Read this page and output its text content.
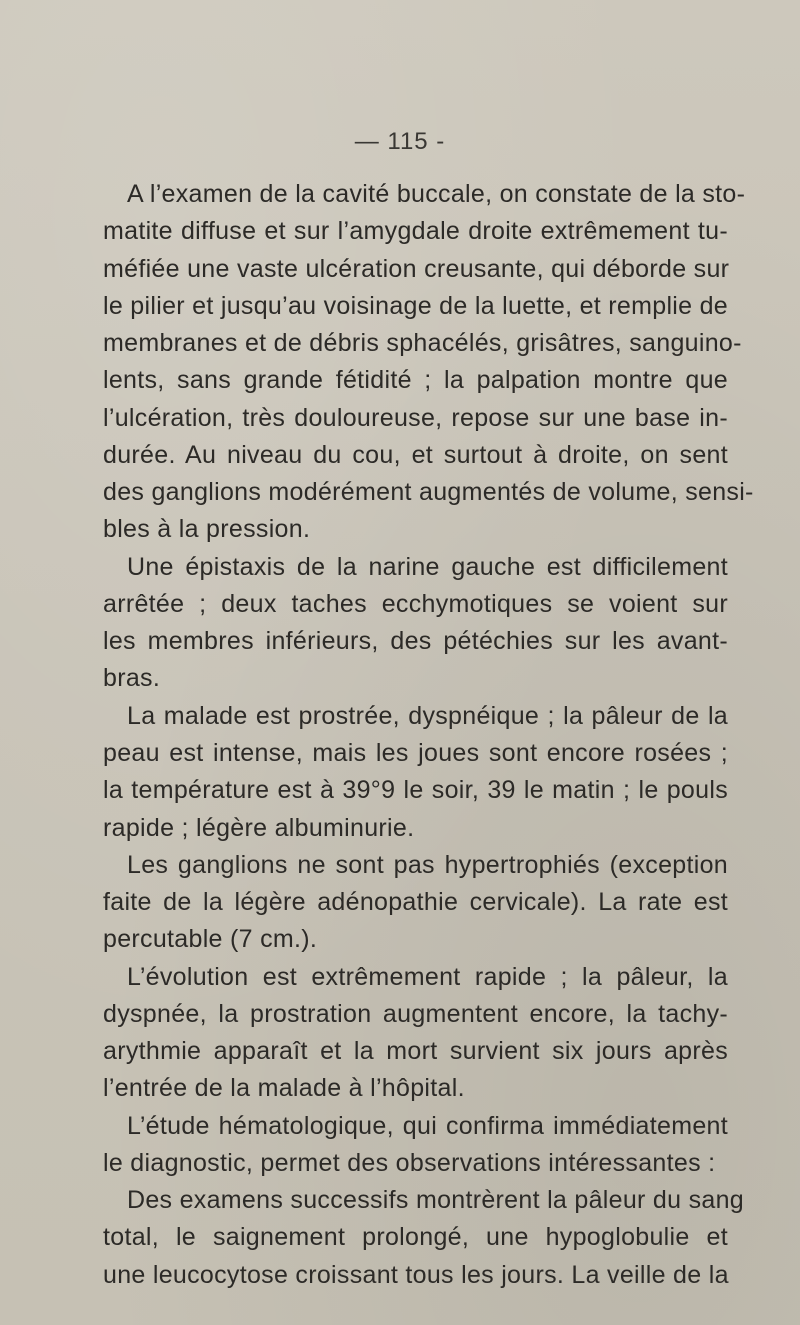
— 115 -
A l’examen de la cavité buccale, on constate de la sto-
matite diffuse et sur l’amygdale droite extrêmement tu-
méfiée une vaste ulcération creusante, qui déborde sur
le pilier et jusqu’au voisinage de la luette, et remplie de
membranes et de débris sphacélés, grisâtres, sanguino-
lents, sans grande fétidité ; la palpation montre que
l’ulcération, très douloureuse, repose sur une base in-
durée. Au niveau du cou, et surtout à droite, on sent
des ganglions modérément augmentés de volume, sensi-
bles à la pression.
Une épistaxis de la narine gauche est difficilement
arrêtée ; deux taches ecchymotiques se voient sur
les membres inférieurs, des pétéchies sur les avant-
bras.
La malade est prostrée, dyspnéique ; la pâleur de la
peau est intense, mais les joues sont encore rosées ;
la température est à 39°9 le soir, 39 le matin ; le pouls
rapide ; légère albuminurie.
Les ganglions ne sont pas hypertrophiés (exception
faite de la légère adénopathie cervicale). La rate est
percutable (7 cm.).
L’évolution est extrêmement rapide ; la pâleur, la
dyspnée, la prostration augmentent encore, la tachy-
arythmie apparaît et la mort survient six jours après
l’entrée de la malade à l’hôpital.
L’étude hématologique, qui confirma immédiatement
le diagnostic, permet des observations intéressantes :
Des examens successifs montrèrent la pâleur du sang
total, le saignement prolongé, une hypoglobulie et
une leucocytose croissant tous les jours. La veille de la
